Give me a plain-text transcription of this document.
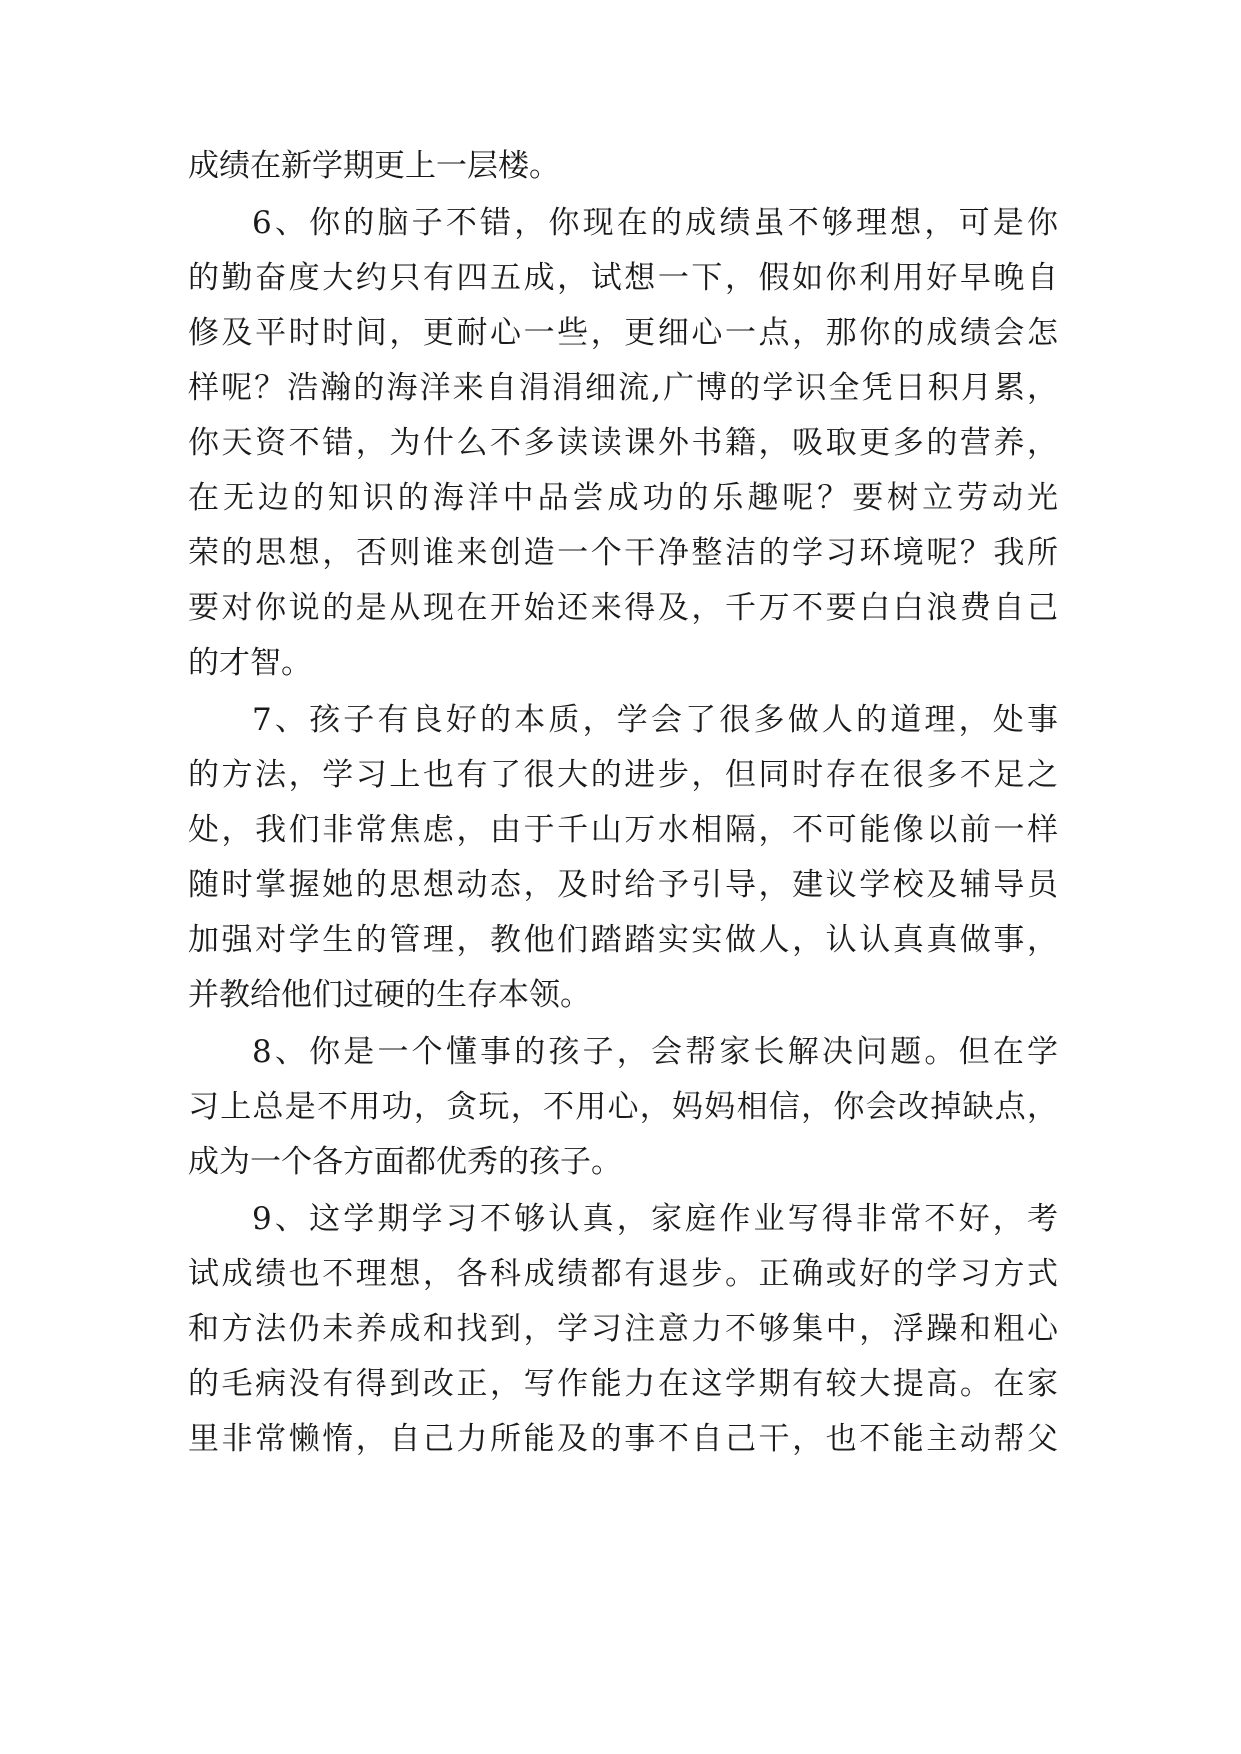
成绩在新学期更上一层楼。
6、你的脑子不错，你现在的成绩虽不够理想，可是你
的勤奋度大约只有四五成，试想一下，假如你利用好早晚自
修及平时时间，更耐心一些，更细心一点，那你的成绩会怎
样呢？浩瀚的海洋来自涓涓细流,广博的学识全凭日积月累，
你天资不错，为什么不多读读课外书籍，吸取更多的营养，
在无边的知识的海洋中品尝成功的乐趣呢？要树立劳动光
荣的思想，否则谁来创造一个干净整洁的学习环境呢？我所
要对你说的是从现在开始还来得及，千万不要白白浪费自己
的才智。
7、孩子有良好的本质，学会了很多做人的道理，处事
的方法，学习上也有了很大的进步，但同时存在很多不足之
处，我们非常焦虑，由于千山万水相隔，不可能像以前一样
随时掌握她的思想动态，及时给予引导，建议学校及辅导员
加强对学生的管理，教他们踏踏实实做人，认认真真做事，
并教给他们过硬的生存本领。
8、你是一个懂事的孩子，会帮家长解决问题。但在学
习上总是不用功，贪玩，不用心，妈妈相信，你会改掉缺点，
成为一个各方面都优秀的孩子。
9、这学期学习不够认真，家庭作业写得非常不好，考
试成绩也不理想，各科成绩都有退步。正确或好的学习方式
和方法仍未养成和找到，学习注意力不够集中，浮躁和粗心
的毛病没有得到改正，写作能力在这学期有较大提高。在家
里非常懒惰，自己力所能及的事不自己干，也不能主动帮父
